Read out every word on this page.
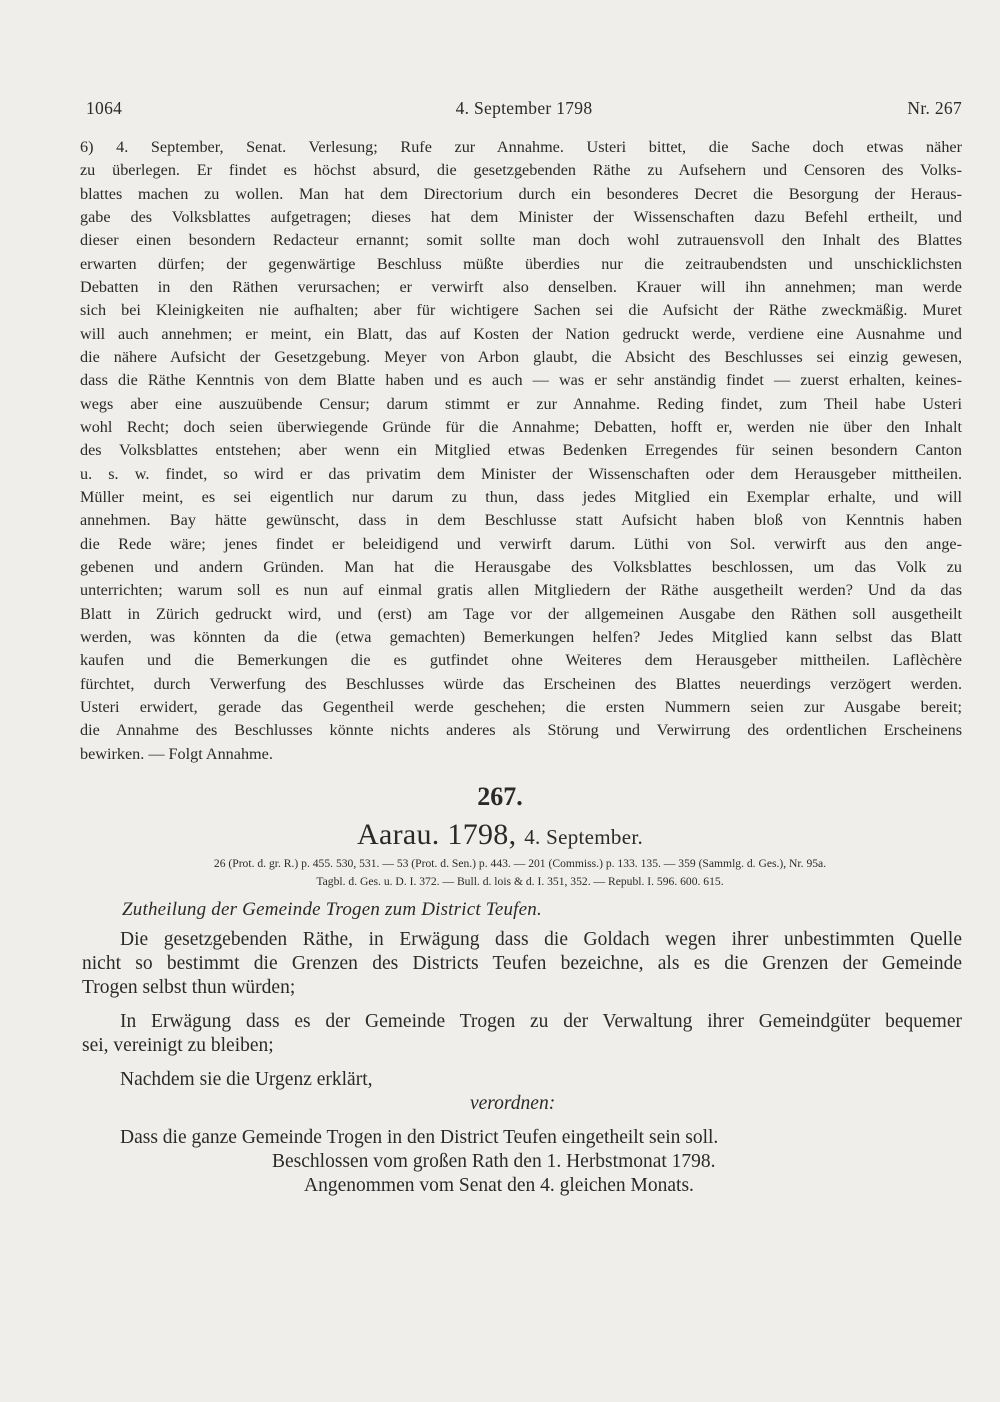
1064	4. September 1798	Nr. 267
6) 4. September, Senat. Verlesung; Rufe zur Annahme. Usteri bittet, die Sache doch etwas näher
zu überlegen. Er findet es höchst absurd, die gesetzgebenden Räthe zu Aufsehern und Censoren des Volks-
blattes machen zu wollen. Man hat dem Directorium durch ein besonderes Decret die Besorgung der Heraus-
gabe des Volksblattes aufgetragen; dieses hat dem Minister der Wissenschaften dazu Befehl ertheilt, und
dieser einen besondern Redacteur ernannt; somit sollte man doch wohl zutrauensvoll den Inhalt des Blattes
erwarten dürfen; der gegenwärtige Beschluss müßte überdies nur die zeitraubendsten und unschicklichsten
Debatten in den Räthen verursachen; er verwirft also denselben. Krauer will ihn annehmen; man werde
sich bei Kleinigkeiten nie aufhalten; aber für wichtigere Sachen sei die Aufsicht der Räthe zweckmäßig. Muret
will auch annehmen; er meint, ein Blatt, das auf Kosten der Nation gedruckt werde, verdiene eine Ausnahme und
die nähere Aufsicht der Gesetzgebung. Meyer von Arbon glaubt, die Absicht des Beschlusses sei einzig gewesen,
dass die Räthe Kenntnis von dem Blatte haben und es auch — was er sehr anständig findet — zuerst erhalten, keines-
wegs aber eine auszuübende Censur; darum stimmt er zur Annahme. Reding findet, zum Theil habe Usteri
wohl Recht; doch seien überwiegende Gründe für die Annahme; Debatten, hofft er, werden nie über den Inhalt
des Volksblattes entstehen; aber wenn ein Mitglied etwas Bedenken Erregendes für seinen besondern Canton
u. s. w. findet, so wird er das privatim dem Minister der Wissenschaften oder dem Herausgeber mittheilen.
Müller meint, es sei eigentlich nur darum zu thun, dass jedes Mitglied ein Exemplar erhalte, und will
annehmen. Bay hätte gewünscht, dass in dem Beschlusse statt Aufsicht haben bloß von Kenntnis haben
die Rede wäre; jenes findet er beleidigend und verwirft darum. Lüthi von Sol. verwirft aus den ange-
gebenen und andern Gründen. Man hat die Herausgabe des Volksblattes beschlossen, um das Volk zu
unterrichten; warum soll es nun auf einmal gratis allen Mitgliedern der Räthe ausgetheilt werden? Und da das
Blatt in Zürich gedruckt wird, und (erst) am Tage vor der allgemeinen Ausgabe den Räthen soll ausgetheilt
werden, was könnten da die (etwa gemachten) Bemerkungen helfen? Jedes Mitglied kann selbst das Blatt
kaufen und die Bemerkungen die es gutfindet ohne Weiteres dem Herausgeber mittheilen. Laflèchère
fürchtet, durch Verwerfung des Beschlusses würde das Erscheinen des Blattes neuerdings verzögert werden.
Usteri erwidert, gerade das Gegentheil werde geschehen; die ersten Nummern seien zur Ausgabe bereit;
die Annahme des Beschlusses könnte nichts anderes als Störung und Verwirrung des ordentlichen Erscheinens
bewirken. — Folgt Annahme.
267.
Aarau. 1798, 4. September.
26 (Prot. d. gr. R.) p. 455. 530, 531. — 53 (Prot. d. Sen.) p. 443. — 201 (Commiss.) p. 133. 135. — 359 (Sammlg. d. Ges.), Nr. 95a.
Tagbl. d. Ges. u. D. I. 372. — Bull. d. lois & d. I. 351, 352. — Republ. I. 596. 600. 615.
Zutheilung der Gemeinde Trogen zum District Teufen.
Die gesetzgebenden Räthe, in Erwägung dass die Goldach wegen ihrer unbestimmten Quelle
nicht so bestimmt die Grenzen des Districts Teufen bezeichne, als es die Grenzen der Gemeinde
Trogen selbst thun würden;
In Erwägung dass es der Gemeinde Trogen zu der Verwaltung ihrer Gemeindgüter bequemer
sei, vereinigt zu bleiben;
Nachdem sie die Urgenz erklärt,
verordnen:
Dass die ganze Gemeinde Trogen in den District Teufen eingetheilt sein soll.
Beschlossen vom großen Rath den 1. Herbstmonat 1798.
Angenommen vom Senat den 4. gleichen Monats.
